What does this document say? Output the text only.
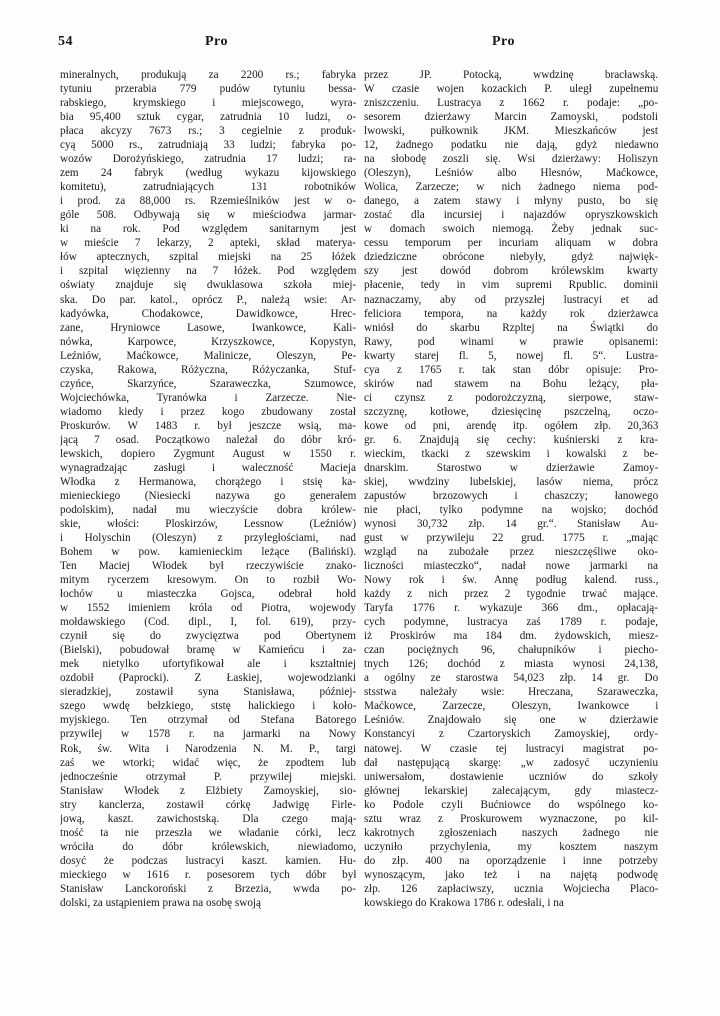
54	Pro	Pro
mineralnych, produkują za 2200 rs.; fabryka
tytuniu przerabia 779 pudów tytuniu bessa-
rabskiego, krymskiego i miejscowego, wyra-
bia 95,400 sztuk cygar, zatrudnia 10 ludzi, o-
płaca akcyzy 7673 rs.; 3 cegielnie z produk-
cyą 5000 rs., zatrudniają 33 ludzi; fabryka po-
wozów Dorożyńskiego, zatrudnia 17 ludzi; ra-
zem 24 fabryk (według wykazu kijowskiego
komitetu), zatrudniających 131 robotników
i prod. za 88,000 rs. Rzemieślników jest w o-
góle 508. Odbywają się w mieściodwa jarmar-
ki na rok. Pod względem sanitarnym jest
w mieście 7 lekarzy, 2 apteki, skład materya-
łów aptecznych, szpital miejski na 25 łóżek
i szpital więzienny na 7 łóżek. Pod względem
oświaty znajduje się dwuklasowa szkoła miej-
ska. Do par. katol., oprócz P., należą wsie: Ar-
kadyówka, Chodakowce, Dawidkowce, Hrec-
zane, Hryniowce Lasowe, Iwankowce, Kali-
nówka, Karpowce, Krzyszkowce, Kopystyn,
Leźniów, Maćkowce, Malinicze, Oleszyn, Pe-
czyska, Rakowa, Różyczna, Różyczanka, Stuf-
czyńce, Skarzyńce, Szaraweczka, Szumowce,
Wojciechówka, Tyranówka i Zarzecze. Nie-
wiadomo kiedy i przez kogo zbudowany został
Proskurów. W 1483 r. był jeszcze wsią, ma-
jącą 7 osad. Początkowo należał do dóbr kró-
lewskich, dopiero Zygmunt August w 1550 r.
wynagradzając zasługi i waleczność Macieja
Włodka z Hermanowa, chorążego i stsię ka-
mienieckiego (Niesiecki nazywa go generałem
podolskim), nadał mu wieczyście dobra królew-
skie, włości: Ploskirzów, Lessnow (Leźniów)
i Holyschin (Oleszyn) z przyległościami, nad
Bohem w pow. kamienieckim leżące (Baliński).
Ten Maciej Włodek był rzeczywiście znako-
mitym rycerzem kresowym. On to rozbił Wo-
łochów u miasteczka Gojsca, odebrał hołd
w 1552 imieniem króla od Piotra, wojewody
mołdawskiego (Cod. dipl., I, fol. 619), przy-
czynił się do zwycięztwa pod Obertynem
(Bielski), pobudował bramę w Kamieńcu i za-
mek nietylko ufortyfikował ale i kształtniej
ozdobił (Paprocki). Z Łaskiej, wojewodzianki
sieradzkiej, zostawił syna Stanisława, później-
szego wwdę bełzkiego, ststę halickiego i koło-
myjskiego. Ten otrzymał od Stefana Batorego
przywilej w 1578 r. na jarmarki na Nowy
Rok, św. Wita i Narodzenia N. M. P., targi
zaś we wtorki; widać więc, że zpodtem lub
jednocześnie otrzymał P. przywilej miejski.
Stanisław Włodek z Elżbiety Zamoyskiej, sio-
stry kanclerza, zostawił córkę Jadwigę Firle-
jową, kaszt. zawichostską. Dla czego mają-
tność ta nie przeszła we władanie córki, lecz
wróciła do dóbr królewskich, niewiadomo,
dosyć że podczas lustracyi kaszt. kamien. Hu-
mieckiego w 1616 r. posesorem tych dóbr był
Stanisław Lanckoroński z Brzezia, wwda po-
dolski, za ustąpieniem prawa na osobę swoją
przez JP. Potocką, wwdzinę bracławską.
W czasie wojen kozackich P. uległ zupełnemu
zniszczeniu. Lustracya z 1662 r. podaje: „po-
sesorem dzierżawy Marcin Zamoyski, podstoli
lwowski, pułkownik JKM. Mieszkańców jest
12, żadnego podatku nie dają, gdyż niedawno
na słobodę zoszli się. Wsi dzierżawy: Holiszyn
(Oleszyn), Leśniów albo Hlesnów, Maćkowce,
Wolica, Zarzecze; w nich żadnego niema pod-
danego, a zatem stawy i młyny pusto, bo się
zostać dla incursiej i najazdów opryszkowskich
w domach swoich niemogą. Żeby jednak suc-
cessu temporum per incuriam aliquam w dobra
dziedziczne obrócone niebyły, gdyż najwięk-
szy jest dowód dobrom królewskim kwarty
płacenie, tedy in vim supremi Rpublic. dominii
naznaczamy, aby od przyszłej lustracyi et ad
feliciora tempora, na każdy rok dzierżawca
wniósł do skarbu Rzpltej na Świątki do
Rawy, pod winami w prawie opisanemi:
kwarty starej fl. 5, nowej fl. 5“. Lustra-
cya z 1765 r. tak stan dóbr opisuje: Pro-
skirów nad stawem na Bohu leżący, pła-
ci czynsz z podorożczyzną, sierpowe, staw-
szczyznę, kotłowe, dziesięcinę pszczelną, oczo-
kowe od pni, arendę itp. ogółem złp. 20,363
gr. 6. Znajdują się cechy: kuśnierski z kra-
wieckim, tkacki z szewskim i kowalski z be-
dnarskim. Starostwo w dzierżawie Zamoy-
skiej, wwdziny lubelskiej, lasów niema, prócz
zapustów brzozowych i chaszczy; łanowego
nie płaci, tylko podymne na wojsko; dochód
wynosi 30,732 złp. 14 gr.“. Stanisław Au-
gust w przywileju 22 grud. 1775 r. „mając
wzgląd na zubożałe przez nieszczęśliwe oko-
liczności miasteczko“, nadał nowe jarmarki na
Nowy rok i św. Annę podług kalend. russ.,
każdy z nich przez 2 tygodnie trwać mające.
Taryfa 1776 r. wykazuje 366 dm., opłacają-
cych podymne, lustracya zaś 1789 r. podaje,
iż Proskirów ma 184 dm. żydowskich, miesz-
czan pociężnych 96, chałupników i piecho-
tnych 126; dochód z miasta wynosi 24,138,
a ogólny ze starostwa 54,023 złp. 14 gr. Do
stsstwa należały wsie: Hreczana, Szaraweczka,
Maćkowce, Zarzecze, Oleszyn, Iwankowce i
Leśniów. Znajdowało się one w dzierżawie
Konstancyi z Czartoryskich Zamoyskiej, ordy-
natowej. W czasie tej lustracyi magistrat po-
dał następującą skargę: „w zadosyć uczynieniu
uniwersałom, dostawienie uczniów do szkoły
głównej lekarskiej zalecającym, gdy miastecz-
ko Podole czyli Bućniowce do wspólnego ko-
sztu wraz z Proskurowem wyznaczone, po kil-
kakrotnych zgłoszeniach naszych żadnego nie
uczyniło przychylenia, my kosztem naszym
do złp. 400 na oporządzenie i inne potrzeby
wynoszącym, jako też i na najętą podwodę
złp. 126 zapłaciwszy, ucznia Wojciecha Placo-
kowskiego do Krakowa 1786 r. odesłali, i na
